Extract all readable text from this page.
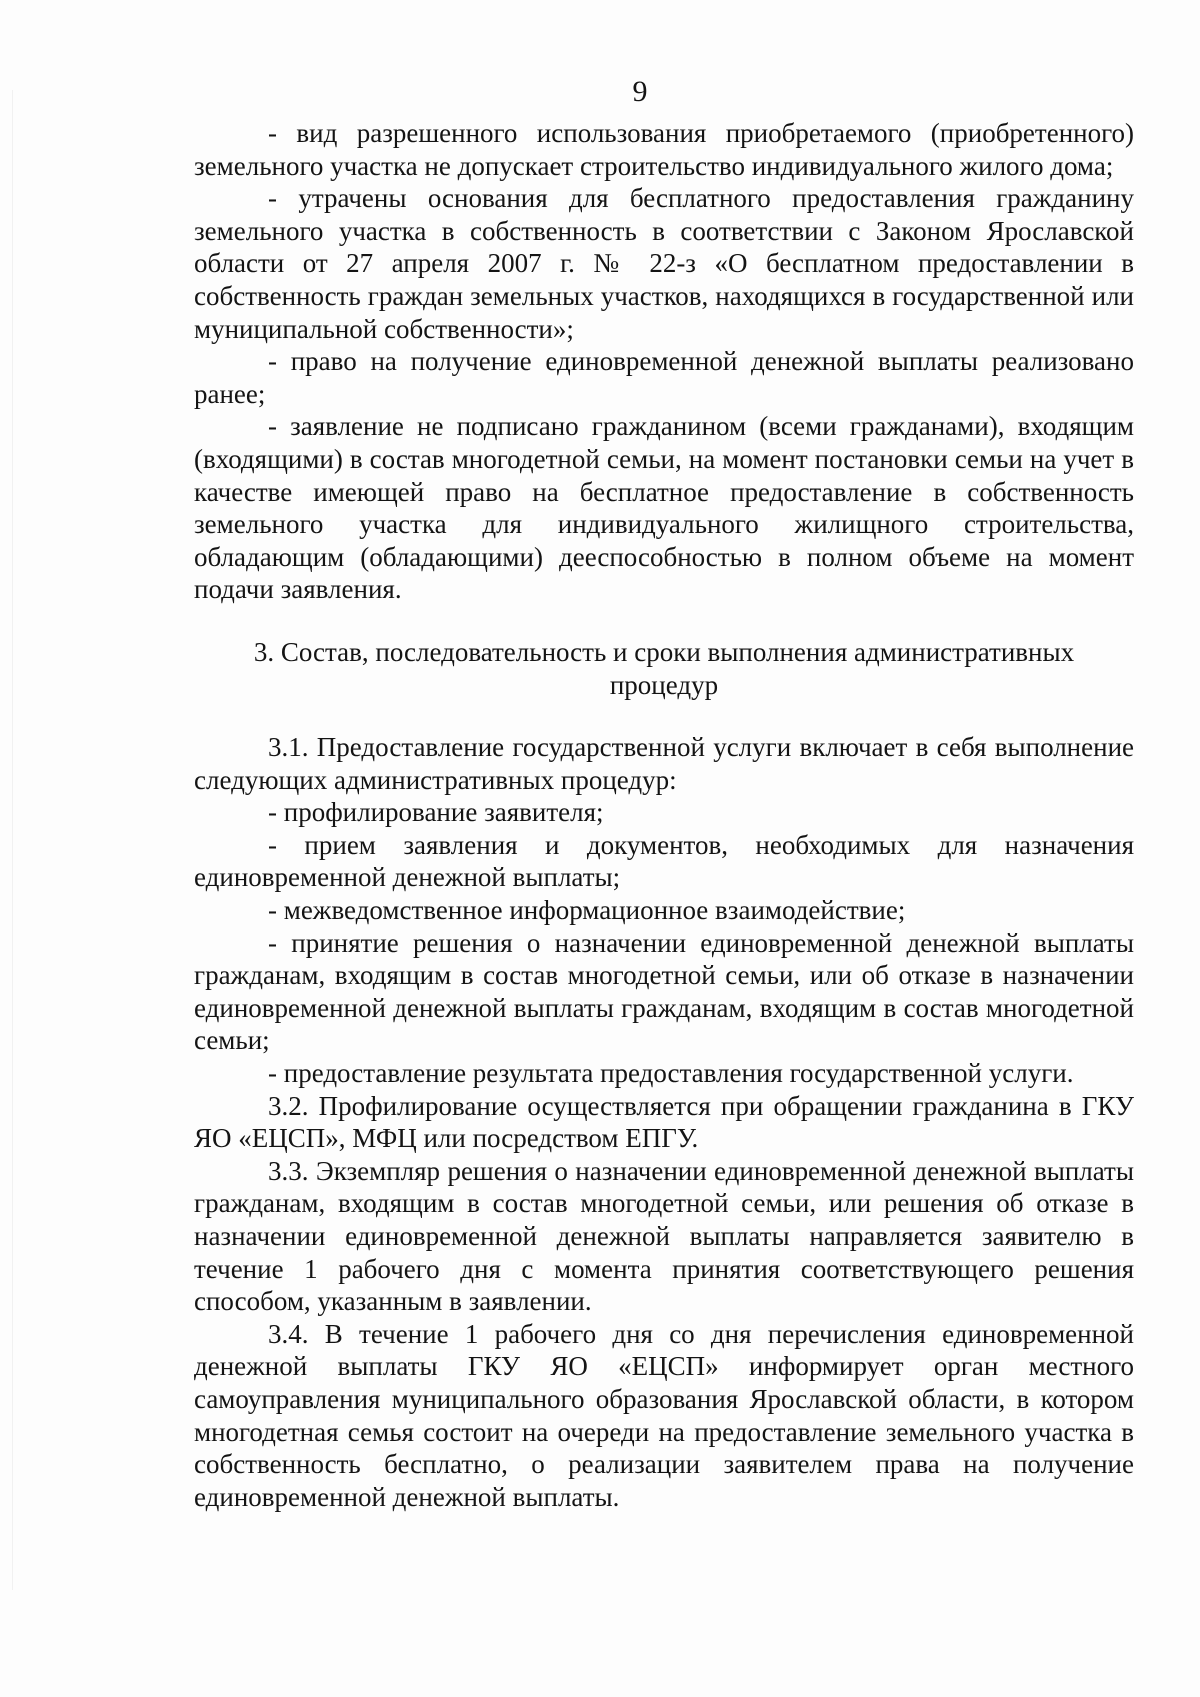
9

- вид разрешенного использования приобретаемого (приобретенного) земельного участка не допускает строительство индивидуального жилого дома;

- утрачены основания для бесплатного предоставления гражданину земельного участка в собственность в соответствии с Законом Ярославской области от 27 апреля 2007 г. № 22-з «О бесплатном предоставлении в собственность граждан земельных участков, находящихся в государственной или муниципальной собственности»;

- право на получение единовременной денежной выплаты реализовано ранее;

- заявление не подписано гражданином (всеми гражданами), входящим (входящими) в состав многодетной семьи, на момент постановки семьи на учет в качестве имеющей право на бесплатное предоставление в собственность земельного участка для индивидуального жилищного строительства, обладающим (обладающими) дееспособностью в полном объеме на момент подачи заявления.

3. Состав, последовательность и сроки выполнения административных процедур

3.1. Предоставление государственной услуги включает в себя выполнение следующих административных процедур:

- профилирование заявителя;

- прием заявления и документов, необходимых для назначения единовременной денежной выплаты;

- межведомственное информационное взаимодействие;

- принятие решения о назначении единовременной денежной выплаты гражданам, входящим в состав многодетной семьи, или об отказе в назначении единовременной денежной выплаты гражданам, входящим в состав многодетной семьи;

- предоставление результата предоставления государственной услуги.

3.2. Профилирование осуществляется при обращении гражданина в ГКУ ЯО «ЕЦСП», МФЦ или посредством ЕПГУ.

3.3. Экземпляр решения о назначении единовременной денежной выплаты гражданам, входящим в состав многодетной семьи, или решения об отказе в назначении единовременной денежной выплаты направляется заявителю в течение 1 рабочего дня с момента принятия соответствующего решения способом, указанным в заявлении.

3.4. В течение 1 рабочего дня со дня перечисления единовременной денежной выплаты ГКУ ЯО «ЕЦСП» информирует орган местного самоуправления муниципального образования Ярославской области, в котором многодетная семья состоит на очереди на предоставление земельного участка в собственность бесплатно, о реализации заявителем права на получение единовременной денежной выплаты.
